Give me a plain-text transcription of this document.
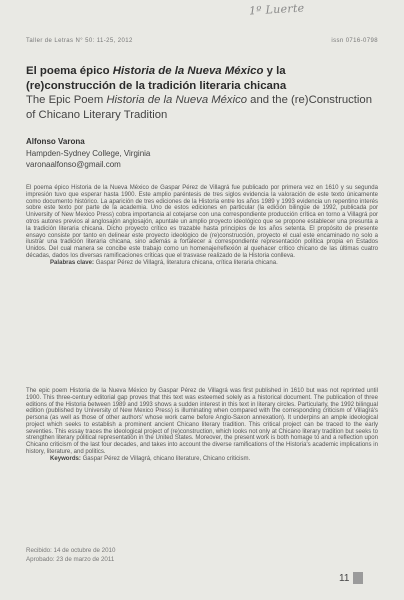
1º Luerte
Taller de Letras N° 50: 11-25, 2012	issn 0716-0798
El poema épico Historia de la Nueva México y la (re)construcción de la tradición literaria chicana
The Epic Poem Historia de la Nueva México and the (re)Construction of Chicano Literary Tradition
Alfonso Varona
Hampden-Sydney College, Virginia
varonaalfonso@gmail.com

El poema épico Historia de la Nueva México de Gaspar Pérez de Villagrá fue publicado por primera vez en 1610 y su segunda impresión tuvo que esperar hasta 1900. Este amplio paréntesis de tres siglos evidencia la valoración de este texto únicamente como documento histórico. La aparición de tres ediciones de la Historia entre los años 1989 y 1993 evidencia un repentino interés sobre este texto por parte de la academia. Uno de estos ediciones en particular (la edición bilingüe de 1992, publicada por University of New Mexico Press) cobra importancia al cotejarse con una correspondiente producción crítica en torno a Villagrá por otros autores previos al anglosajón anglosajón, apuntale un amplio proyecto ideológico que se propone establecer una presunta a la tradición literaria chicana. Dicho proyecto crítico es trazable hasta principios de los años setenta. El propósito de presente ensayo consiste por tanto en delinear este proyecto ideológico de (re)construcción, proyecto el cual este encaminado no solo a ilustrar una tradición literaria chicana, sino además a fortalecer a correspondiente representación política propia en Estados Unidos. Del cual manera se concibe este trabajo como un homenaje/reflexión al quehacer crítico chicano de las últimas cuatro décadas, dados los diversas ramificaciones críticas que el trasvase realizado de la Historia conlleva.

Palabras clave: Gaspar Pérez de Villagrá, literatura chicana, crítica literaria chicana.

The epic poem Historia de la Nueva México by Gaspar Pérez de Villagrá was first published in 1610 but was not reprinted until 1900. This three-century editorial gap proves that this text was esteemed solely as a historical document. The publication of three editions of the Historia between 1989 and 1993 shows a sudden interest in this text in literary circles. Particularly, the 1992 bilingual edition (published by University of New Mexico Press) is illuminating when compared with the corresponding criticism of Villagrá's persona (as well as those of other authors' whose work came before Anglo-Saxon annexation). It underpins an ample ideological project which seeks to establish a prominent ancient Chicano literary tradition. This critical project can be traced to the early seventies. This essay traces the ideological project of (re)construction, which looks not only at Chicano literary tradition but seeks to strengthen literary political representation in the United States. Moreover, the present work is both homage to and a reflection upon Chicano criticism of the last four decades, and takes into account the diverse ramifications of the Historia's academic implications in history, literature, and politics.

Keywords: Gaspar Pérez de Villagrá, chicano literature, Chicano criticism.

Recibido: 14 de octubre de 2010
Aprobado: 23 de marzo de 2011
11
